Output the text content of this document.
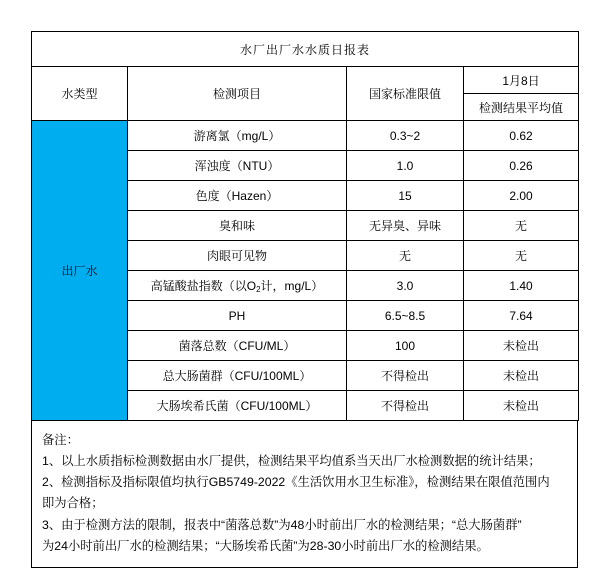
水厂出厂水水质日报表			
水类型	检测项目	国家标准限值	1月8日
			检测结果平均值
出厂水	游离氯（mg/L）	0.3~2	0.62
	浑浊度（NTU）	1.0	0.26
	色度（Hazen）	15	2.00
	臭和味	无异臭、异味	无
	肉眼可见物	无	无
	高锰酸盐指数（以$O_2$计，mg/L）	3.0	1.40
	PH	6.5~8.5	7.64
	菌落总数（CFU/ML）	100	未检出
	总大肠菌群（CFU/100ML）	不得检出	未检出
	大肠埃希氏菌（CFU/100ML）	不得检出	未检出
备注：
1、以上水质指标检测数据由水厂提供，检测结果平均值系当天出厂水检测数据的统计结果；
2、检测指标及指标限值均执行GB5749-2022《生活饮用水卫生标准》，检测结果在限值范围内
即为合格；
3、由于检测方法的限制，报表中“菌落总数”为48小时前出厂水的检测结果；“总大肠菌群”
为24小时前出厂水的检测结果；“大肠埃希氏菌”为28-30小时前出厂水的检测结果。
